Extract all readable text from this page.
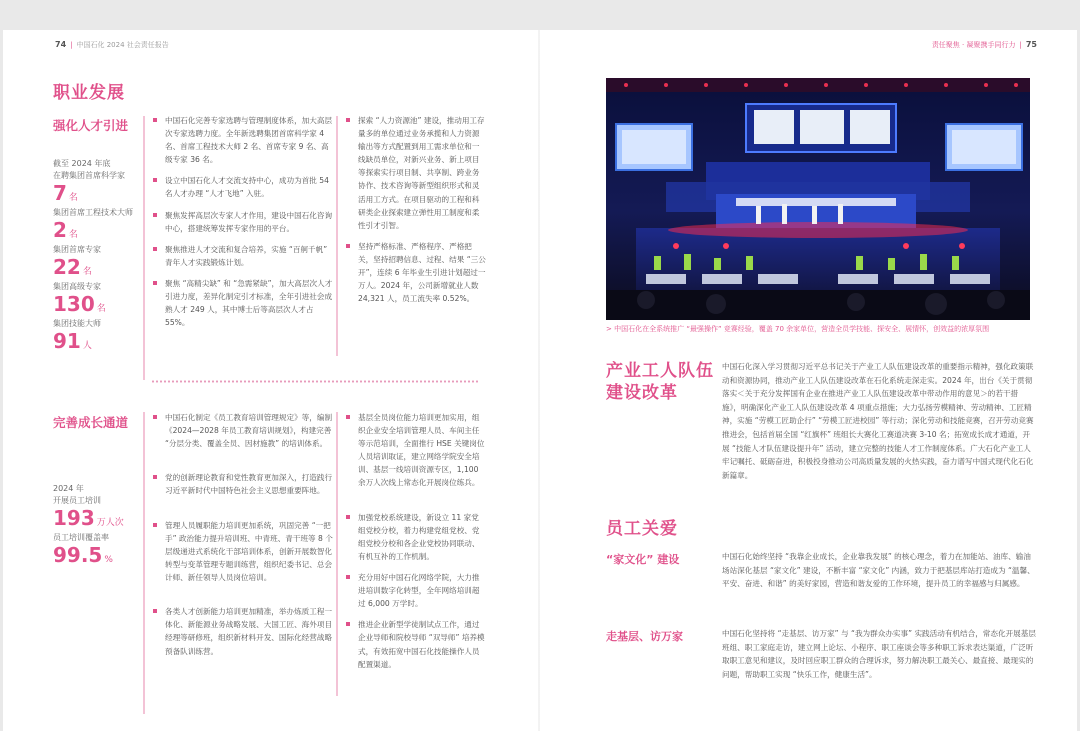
74 | 中国石化 2024 社会责任报告
职业发展
强化人才引进
截至 2024 年底
在聘集团首席科学家
7 名
集团首席工程技术大师
2 名
集团首席专家
22 名
集团高级专家
130 名
集团技能大师
91 人
中国石化完善专家选聘与管理制度体系，加大高层次专家选聘力度。全年新选聘集团首席科学家 4 名、首席工程技术大师 2 名、首席专家 9 名、高级专家 36 名。
设立中国石化人才交流支持中心，成功为首批 54 名人才办理 “人才飞地” 入驻。
聚焦发挥高层次专家人才作用，建设中国石化咨询中心，搭建统筹发挥专家作用的平台。
聚焦推进人才交流和复合培养，实施 “百舸千帆” 青年人才实践锻炼计划。
聚焦 “高精尖缺” 和 “急需紧缺”，加大高层次人才引进力度，差异化制定引才标准，全年引进社会成熟人才 249 人，其中博士后等高层次人才占 55%。
探索 “人力资源池” 建设，推动用工存量多的单位通过业务承揽和人力资源输出等方式配置到用工需求单位和一线缺员单位，对新兴业务、新上项目等探索实行项目制、共享制、跨业务协作、技术咨询等新型组织形式和灵活用工方式。在项目驱动的工程和科研类企业探索建立弹性用工制度和柔性引才引智。
坚持严格标准、严格程序、严格把关，坚持招聘信息、过程、结果 “三公开”，连续 6 年毕业生引进计划超过一万人。2024 年，公司新增就业人数 24,321 人，员工流失率 0.52%。
完善成长通道
2024 年
开展员工培训
193 万人次
员工培训覆盖率
99.5 %
中国石化制定《员工教育培训管理规定》等，编制《2024—2028 年员工教育培训规划》，构建完善 “分层分类、覆盖全员、因材施教” 的培训体系。
党的创新理论教育和党性教育更加深入，打造践行习近平新时代中国特色社会主义思想重要阵地。
管理人员履职能力培训更加系统，巩固完善 “一把手” 政治能力提升培训班、中青班、青干班等 8 个层级递进式系统化干部培训体系，创新开展数智化转型与变革管理专题训练营，组织纪委书记、总会计师、新任领导人员岗位培训。
各类人才创新能力培训更加精准，举办炼质工程一体化、新能源业务战略发展、大国工匠、海外项目经理等研修班，组织新材料开发、国际化经营战略预备队训练营。
基层全员岗位能力培训更加实用，组织企业安全培训管理人员、车间主任等示范培训，全面推行 HSE 关键岗位人员培训取证，建立网络学院安全培训、基层一线培训资源专区，1,100 余万人次线上常态化开展岗位练兵。
加强党校系统建设，新设立 11 家党组党校分校，着力构建党组党校、党组党校分校和各企业党校协同联动、有机互补的工作机制。
充分用好中国石化网络学院，大力推进培训数字化转型，全年网络培训超过 6,000 万学时。
推进企业新型学徒制试点工作，通过企业导师和院校导师 “双导师” 培养模式，有效拓宽中国石化技能操作人员配置渠道。
责任聚焦 · 凝聚携手同行力 | 75
> 中国石化在全系统推广 “最强操作” 竞赛经验，覆盖 70 余家单位，营造全员学技能、探安全、展情怀，创效益的浓厚氛围
产业工人队伍
建设改革
中国石化深入学习贯彻习近平总书记关于产业工人队伍建设改革的重要指示精神，强化政策联动和资源协同，推动产业工人队伍建设改革在石化系统走深走实。2024 年，出台《关于贯彻落实＜关于充分发挥国有企业在推进产业工人队伍建设改革中带动作用的意见＞的若干措施》，明确深化产业工人队伍建设改革 4 项重点措施；大力弘扬劳模精神、劳动精神、工匠精神，实施 “劳模工匠助企行” “劳模工匠进校园” 等行动；深化劳动和技能竞赛，召开劳动竞赛推进会，包括首届全国 “红旗杯” 班组长大赛化工赛道决赛 3-10 名；拓宽成长成才通道，开展 “技能人才队伍建设提升年” 活动，建立完整的技能人才工作制度体系。广大石化产业工人牢记嘱托、砥砺奋进，积极投身推动公司高质量发展的火热实践，奋力谱写中国式现代化石化新篇章。
员工关爱
“家文化” 建设	中国石化始终坚持 “我靠企业成长，企业靠我发展” 的核心理念，着力在加能站、油库、输油场站深化基层 “家文化” 建设，不断丰富 “家文化” 内涵，致力于把基层库站打造成为 “温馨、平安、奋进、和谐” 的美好家园，营造和谐友爱的工作环境，提升员工的幸福感与归属感。
走基层、访万家	中国石化坚持将 “走基层、访万家” 与 “我为群众办实事” 实践活动有机结合，常态化开展基层班组、职工家庭走访，建立网上论坛、小程序、职工座谈会等多种职工诉求表达渠道，广泛听取职工意见和建议，及时回应职工群众的合理诉求，努力解决职工最关心、最直接、最现实的问题，帮助职工实现 “快乐工作，健康生活”。
